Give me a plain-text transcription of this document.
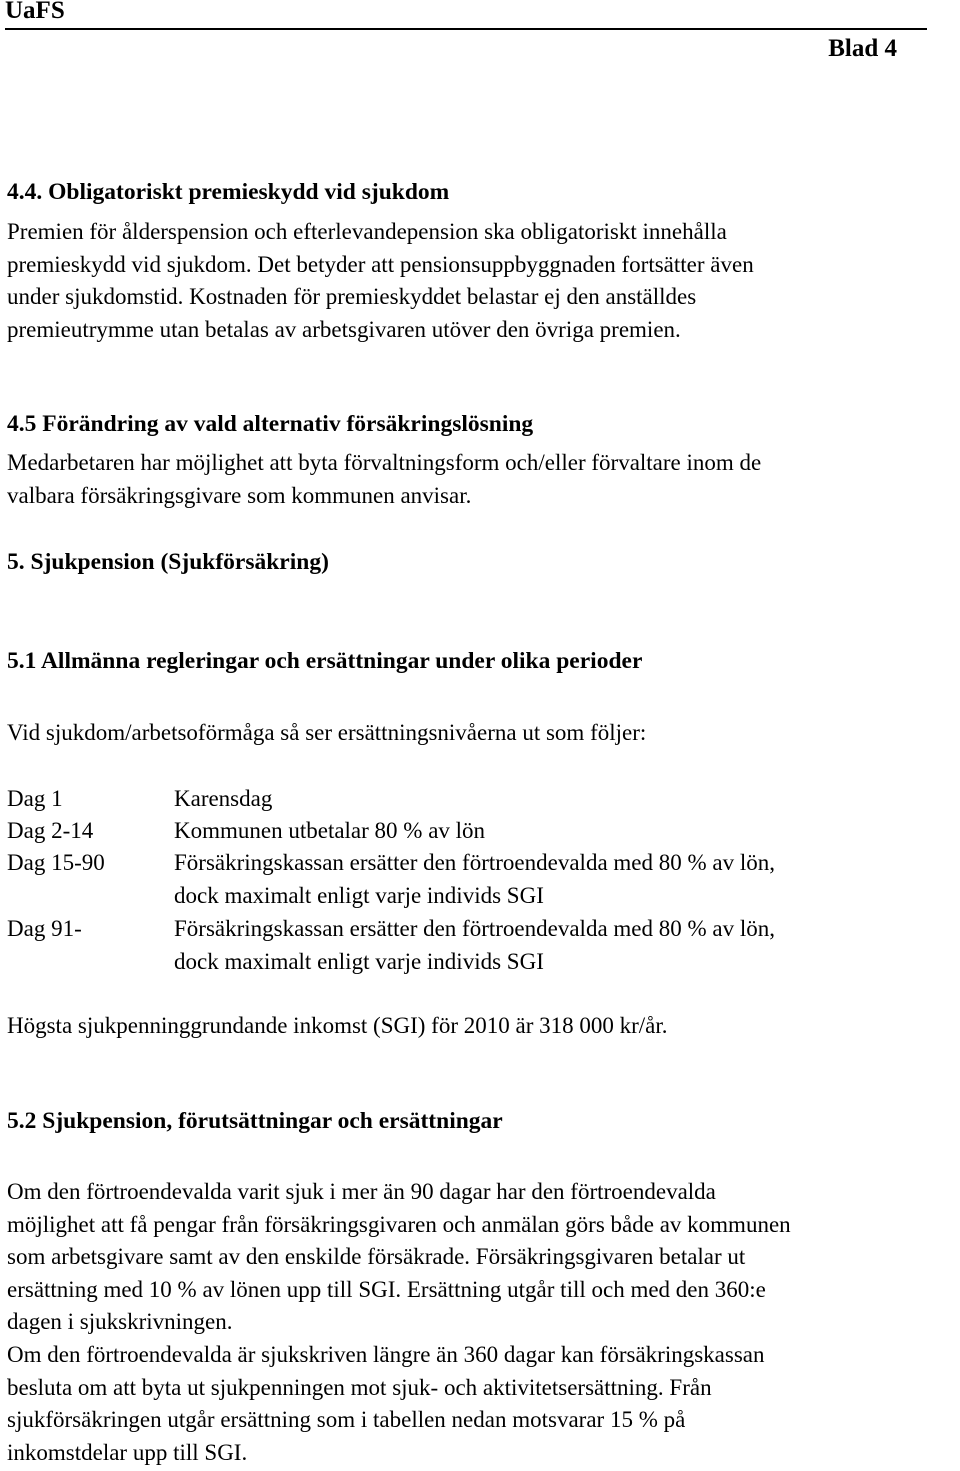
UaFS
Blad 4
4.4. Obligatoriskt premieskydd vid sjukdom

Premien för ålderspension och efterlevandepension ska obligatoriskt innehålla

premieskydd vid sjukdom. Det betyder att pensionsuppbyggnaden fortsätter även

under sjukdomstid. Kostnaden för premieskyddet belastar ej den anställdes

premieutrymme utan betalas av arbetsgivaren utöver den övriga premien.

4.5 Förändring av vald alternativ försäkringslösning

Medarbetaren har möjlighet att byta förvaltningsform och/eller förvaltare inom de

valbara försäkringsgivare som kommunen anvisar.

5. Sjukpension (Sjukförsäkring)
5.1 Allmänna regleringar och ersättningar under olika perioder
Vid sjukdom/arbetsoförmåga så ser ersättningsnivåerna ut som följer:
Dag 1	Karensdag
Dag 2-14	Kommunen utbetalar 80 % av lön
Dag 15-90	Försäkringskassan ersätter den förtroendevalda med 80 % av lön,
dock maximalt enligt varje individs SGI
Dag 91-	Försäkringskassan ersätter den förtroendevalda med 80 % av lön,
dock maximalt enligt varje individs SGI
Högsta sjukpenninggrundande inkomst (SGI) för 2010 är 318 000 kr/år.
5.2 Sjukpension, förutsättningar och ersättningar

Om den förtroendevalda varit sjuk i mer än 90 dagar har den förtroendevalda

möjlighet att få pengar från försäkringsgivaren och anmälan görs både av kommunen

som arbetsgivare samt av den enskilde försäkrade. Försäkringsgivaren betalar ut

ersättning med 10 % av lönen upp till SGI. Ersättning utgår till och med den 360:e

dagen i sjukskrivningen.

Om den förtroendevalda är sjukskriven längre än 360 dagar kan försäkringskassan

besluta om att byta ut sjukpenningen mot sjuk- och aktivitetsersättning. Från

sjukförsäkringen utgår ersättning som i tabellen nedan motsvarar 15 % på

inkomstdelar upp till SGI.
